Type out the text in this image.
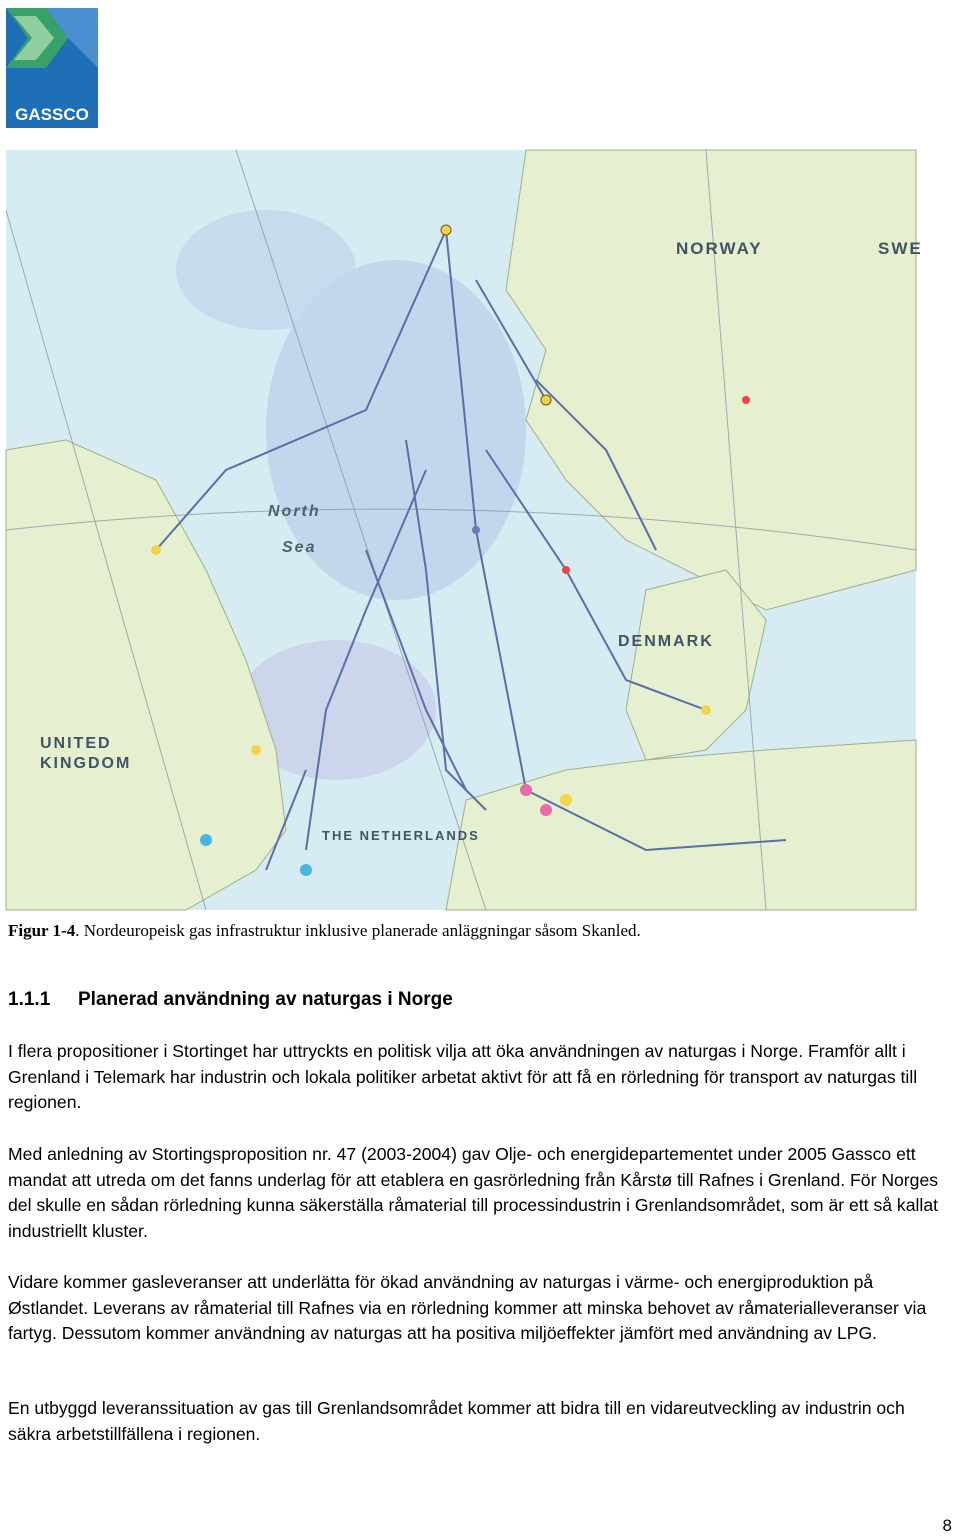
GASSCO
NORWAY	SWE
DENMARK
UNITED
KINGDOM
THE NETHERLANDS
North
Sea
Figur 1-4. Nordeuropeisk gas infrastruktur inklusive planerade anläggningar såsom Skanled.
1.1.1 Planerad användning av naturgas i Norge

I flera propositioner i Stortinget har uttryckts en politisk vilja att öka användningen av naturgas i Norge. Framför allt i Grenland i Telemark har industrin och lokala politiker arbetat aktivt för att få en rörledning för transport av naturgas till regionen.

Med anledning av Stortingsproposition nr. 47 (2003-2004) gav Olje- och energidepartementet under 2005 Gassco ett mandat att utreda om det fanns underlag för att etablera en gasrörledning från Kårstø till Rafnes i Grenland. För Norges del skulle en sådan rörledning kunna säkerställa råmaterial till processindustrin i Grenlandsområdet, som är ett så kallat industriellt kluster.

Vidare kommer gasleveranser att underlätta för ökad användning av naturgas i värme- och energiproduktion på Østlandet. Leverans av råmaterial till Rafnes via en rörledning kommer att minska behovet av råmaterialleveranser via fartyg. Dessutom kommer användning av naturgas att ha positiva miljöeffekter jämfört med användning av LPG.

En utbyggd leveranssituation av gas till Grenlandsområdet kommer att bidra till en vidareutveckling av industrin och säkra arbetstillfällena i regionen.

8
